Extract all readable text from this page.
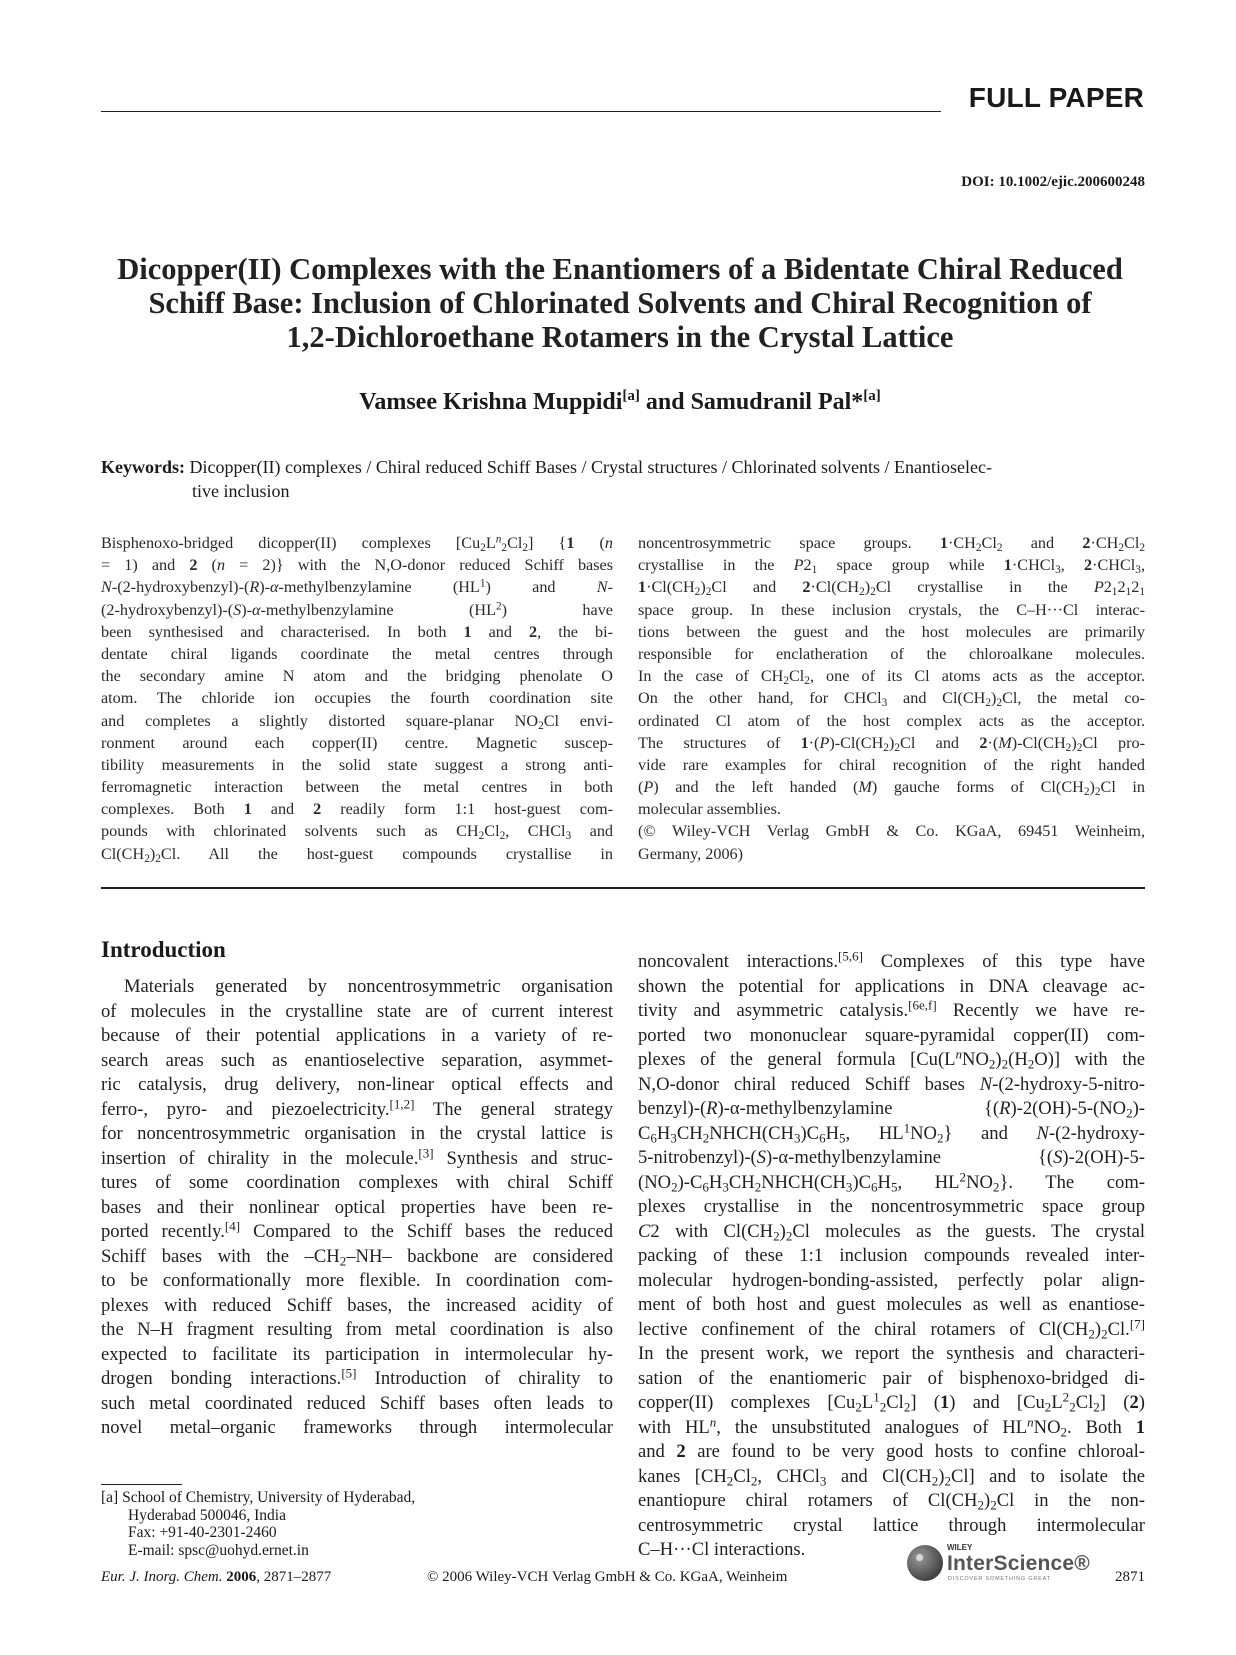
FULL PAPER
DOI: 10.1002/ejic.200600248
Dicopper(II) Complexes with the Enantiomers of a Bidentate Chiral Reduced
Schiff Base: Inclusion of Chlorinated Solvents and Chiral Recognition of
1,2-Dichloroethane Rotamers in the Crystal Lattice
Vamsee Krishna Muppidi[a] and Samudranil Pal*[a]
Keywords: Dicopper(II) complexes / Chiral reduced Schiff Bases / Crystal structures / Chlorinated solvents / Enantioselec-
tive inclusion
Bisphenoxo-bridged dicopper(II) complexes $[Cu_2L^n_2Cl_2]$ {1 (n
= 1) and 2 (n = 2)} with the N,O-donor reduced Schiff bases
N-(2-hydroxybenzyl)-(R)-α-methylbenzylamine $(HL^1)$ and N-
(2-hydroxybenzyl)-(S)-α-methylbenzylamine $(HL^2)$ have
been synthesised and characterised. In both 1 and 2, the bi-
dentate chiral ligands coordinate the metal centres through
the secondary amine N atom and the bridging phenolate O
atom. The chloride ion occupies the fourth coordination site
and completes a slightly distorted square-planar $NO_2Cl$ envi-
ronment around each copper(II) centre. Magnetic suscep-
tibility measurements in the solid state suggest a strong anti-
ferromagnetic interaction between the metal centres in both
complexes. Both 1 and 2 readily form 1:1 host-guest com-
pounds with chlorinated solvents such as $CH_2Cl_2$, CHCl$_3$ and
$Cl(CH_2)_2Cl$. All the host-guest compounds crystallise in
noncentrosymmetric space groups. $1\cdot CH_2Cl_2$ and $2\cdot CH_2Cl_2$
crystallise in the $P2_1$ space group while 1·CHCl$_3$, 2·CHCl$_3$,
$1\cdot Cl(CH_2)_2Cl$ and $2\cdot Cl(CH_2)_2Cl$ crystallise in the $P2_12_12_1$
space group. In these inclusion crystals, the C–H···Cl interac-
tions between the guest and the host molecules are primarily
responsible for enclatheration of the chloroalkane molecules.
In the case of $CH_2Cl_2$, one of its Cl atoms acts as the acceptor.
On the other hand, for CHCl$_3$ and $Cl(CH_2)_2Cl$, the metal co-
ordinated Cl atom of the host complex acts as the acceptor.
The structures of $1\cdot(P)-Cl(CH_2)_2Cl$ and $2\cdot(M)-Cl(CH_2)_2Cl$ pro-
vide rare examples for chiral recognition of the right handed
(P) and the left handed (M) gauche forms of $Cl(CH_2)_2Cl$ in
molecular assemblies.
(© Wiley-VCH Verlag GmbH & Co. KGaA, 69451 Weinheim,
Germany, 2006)
Introduction
Materials generated by noncentrosymmetric organisation
of molecules in the crystalline state are of current interest
because of their potential applications in a variety of re-
search areas such as enantioselective separation, asymmet-
ric catalysis, drug delivery, non-linear optical effects and
ferro-, pyro- and piezoelectricity.[1,2] The general strategy
for noncentrosymmetric organisation in the crystal lattice is
insertion of chirality in the molecule.[3] Synthesis and struc-
tures of some coordination complexes with chiral Schiff
bases and their nonlinear optical properties have been re-
ported recently.[4] Compared to the Schiff bases the reduced
Schiff bases with the $-CH_2-NH-$ backbone are considered
to be conformationally more flexible. In coordination com-
plexes with reduced Schiff bases, the increased acidity of
the N–H fragment resulting from metal coordination is also
expected to facilitate its participation in intermolecular hy-
drogen bonding interactions.[5] Introduction of chirality to
such metal coordinated reduced Schiff bases often leads to
novel metal–organic frameworks through intermolecular
noncovalent interactions.[5,6] Complexes of this type have
shown the potential for applications in DNA cleavage ac-
tivity and asymmetric catalysis.[6e,f] Recently we have re-
ported two mononuclear square-pyramidal copper(II) com-
plexes of the general formula $[Cu(L^nNO_2)_2(H_2O)]$ with the
N,O-donor chiral reduced Schiff bases N-(2-hydroxy-5-nitro-
benzyl)-(R)-α-methylbenzylamine {$(R)-2(OH)-5-(NO_2)-$
$C_6H_3CH_2NHCH(CH_3)C_6H_5$, $HL^1NO_2$} and N-(2-hydroxy-
5-nitrobenzyl)-(S)-α-methylbenzylamine {(S)-2(OH)-5-
$(NO_2)-C_6H_3CH_2NHCH(CH_3)C_6H_5$, $HL^2NO_2$}. The com-
plexes crystallise in the noncentrosymmetric space group
C2 with $Cl(CH_2)_2Cl$ molecules as the guests. The crystal
packing of these 1:1 inclusion compounds revealed inter-
molecular hydrogen-bonding-assisted, perfectly polar align-
ment of both host and guest molecules as well as enantiose-
lective confinement of the chiral rotamers of $Cl(CH_2)_2Cl.[7]$
In the present work, we report the synthesis and characteri-
sation of the enantiomeric pair of bisphenoxo-bridged di-
copper(II) complexes $[Cu_2L^1_2Cl_2]$ (1) and $[Cu_2L^2_2Cl_2]$ (2)
with $HL^n$, the unsubstituted analogues of $HL^nNO_2$. Both 1
and 2 are found to be very good hosts to confine chloroal-
kanes [$CH_2Cl_2$, CHCl$_3$ and $Cl(CH_2)_2Cl$] and to isolate the
enantiopure chiral rotamers of $Cl(CH_2)_2Cl$ in the non-
centrosymmetric crystal lattice through intermolecular
C–H···Cl interactions.
[a] School of Chemistry, University of Hyderabad,
Hyderabad 500046, India
Fax: +91-40-2301-2460
E-mail: spsc@uohyd.ernet.in
Eur. J. Inorg. Chem. 2006, 2871–2877	© 2006 Wiley-VCH Verlag GmbH & Co. KGaA, Weinheim
WILEY
InterScience®
DISCOVER SOMETHING GREAT	2871
